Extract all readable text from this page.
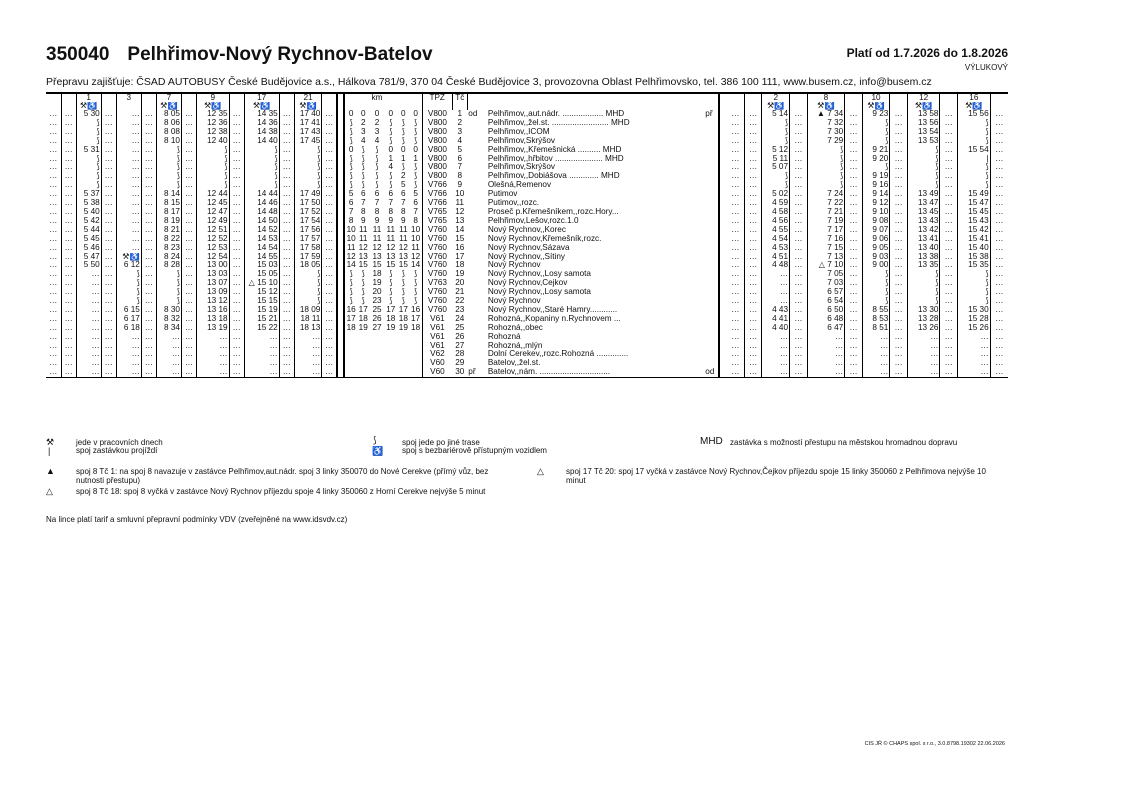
350040 Pelhřimov-Nový Rychnov-Batelov	Platí od 1.7.2026 do 1.8.2026
VÝLUKOVÝ
Přepravu zajišťuje: ČSAD AUTOBUSY České Budějovice a.s., Hálkova 781/9, 370 04 České Budějovice 3, provozovna Oblast Pelhřimovsko, tel. 386 100 111, www.busem.cz, info@busem.cz
		1		3		7		9		17		21					km				TPZ	Tč							2		8		10		12		16	
		⚒♿				⚒♿		⚒♿		⚒♿		⚒♿																	⚒♿		⚒♿		⚒♿		⚒♿		⚒♿	
…	…	5 30	…	…	…	8 05	…	12 35	…	14 35	…	17 40	…		0	0	0	0	0	0	V800	1	od	Pelhřimov,,aut.nádr. .................. MHD	př		…	…	5 14	…	▲ 7 34	…	9 23	…	13 58	…	15 56	…
…	…	⟆	…	…	…	8 06	…	12 36	…	14 36	…	17 41	…		⟆	2	2	⟆	⟆	⟆	V800	2		Pelhřimov,,žel.st. ......................... MHD			…	…	⟆	…	7 32	…	⟆	…	13 56	…	⟆	…
…	…	⟆	…	…	…	8 08	…	12 38	…	14 38	…	17 43	…		⟆	3	3	⟆	⟆	⟆	V800	3		Pelhřimov,,ICOM			…	…	⟆	…	7 30	…	⟆	…	13 54	…	⟆	…
…	…	⟆	…	…	…	8 10	…	12 40	…	14 40	…	17 45	…		⟆	4	4	⟆	⟆	⟆	V800	4		Pelhřimov,Skrýšov			…	…	⟆	…	7 29	…	⟆	…	13 53	…	⟆	…
…	…	5 31	…	…	…	⟆	…	⟆	…	⟆	…	⟆	…		0	⟆	⟆	0	0	0	V800	5		Pelhřimov,,Křemešnická .......... MHD			…	…	5 12	…	⟆	…	9 21	…	⟆	…	15 54	…
…	…	⟆	…	…	…	⟆	…	⟆	…	⟆	…	⟆	…		⟆	⟆	⟆	1	1	1	V800	6		Pelhřimov,,hřbitov ..................... MHD			…	…	5 11	…	⟆	…	9 20	…	⟆	…	|	…
…	…	⟆	…	…	…	⟆	…	⟆	…	⟆	…	⟆	…		⟆	⟆	⟆	4	⟆	⟆	V800	7		Pelhřimov,Skrýšov			…	…	5 07	…	⟆	…	⟆	…	⟆	…	⟆	…
…	…	⟆	…	…	…	⟆	…	⟆	…	⟆	…	⟆	…		⟆	⟆	⟆	⟆	2	⟆	V800	8		Pelhřimov,,Dobiášova ............. MHD			…	…	⟆	…	⟆	…	9 19	…	⟆	…	⟆	…
…	…	⟆	…	…	…	⟆	…	⟆	…	⟆	…	⟆	…		⟆	⟆	⟆	⟆	5	⟆	V766	9		Olešná,Remenov			…	…	⟆	…	⟆	…	9 16	…	⟆	…	⟆	…
…	…	5 37	…	…	…	8 14	…	12 44	…	14 44	…	17 49	…		5	6	6	6	6	5	V766	10		Putimov			…	…	5 02	…	7 24	…	9 14	…	13 49	…	15 49	…
…	…	5 38	…	…	…	8 15	…	12 45	…	14 46	…	17 50	…		6	7	7	7	7	6	V766	11		Putimov,,rozc.			…	…	4 59	…	7 22	…	9 12	…	13 47	…	15 47	…
…	…	5 40	…	…	…	8 17	…	12 47	…	14 48	…	17 52	…		7	8	8	8	8	7	V765	12		Proseč p.Křemešníkem,,rozc.Hory...			…	…	4 58	…	7 21	…	9 10	…	13 45	…	15 45	…
…	…	5 42	…	…	…	8 19	…	12 49	…	14 50	…	17 54	…		8	9	9	9	9	8	V765	13		Pelhřimov,Lešov,rozc.1.0			…	…	4 56	…	7 19	…	9 08	…	13 43	…	15 43	…
…	…	5 44	…	…	…	8 21	…	12 51	…	14 52	…	17 56	…		10	11	11	11	11	10	V760	14		Nový Rychnov,,Korec			…	…	4 55	…	7 17	…	9 07	…	13 42	…	15 42	…
…	…	5 45	…	…	…	8 22	…	12 52	…	14 53	…	17 57	…		10	11	11	11	11	10	V760	15		Nový Rychnov,Křemešník,rozc.			…	…	4 54	…	7 16	…	9 06	…	13 41	…	15 41	…
…	…	5 46	…	…	…	8 23	…	12 53	…	14 54	…	17 58	…		11	12	12	12	12	11	V760	16		Nový Rychnov,Sázava			…	…	4 53	…	7 15	…	9 05	…	13 40	…	15 40	…
…	…	5 47	…	⚒♿	…	8 24	…	12 54	…	14 55	…	17 59	…		12	13	13	13	13	12	V760	17		Nový Rychnov,,Sítiny			…	…	4 51	…	7 13	…	9 03	…	13 38	…	15 38	…
…	…	5 50	…	6 12	…	8 28	…	13 00	…	15 03	…	18 05	…		14	15	15	15	15	14	V760	18		Nový Rychnov			…	…	4 48	…	△ 7 10	…	9 00	…	13 35	…	15 35	…
…	…	…	…	⟆	…	⟆	…	13 03	…	15 05	…	⟆	…		⟆	⟆	18	⟆	⟆	⟆	V760	19		Nový Rychnov,,Losy samota			…	…	…	…	7 05	…	⟆	…	⟆	…	⟆	…
…	…	…	…	⟆	…	⟆	…	13 07	…	△ 15 10	…	⟆	…		⟆	⟆	19	⟆	⟆	⟆	V763	20		Nový Rychnov,Čejkov			…	…	…	…	7 03	…	⟆	…	⟆	…	⟆	…
…	…	…	…	⟆	…	⟆	…	13 09	…	15 12	…	⟆	…		⟆	⟆	20	⟆	⟆	⟆	V760	21		Nový Rychnov,,Losy samota			…	…	…	…	6 57	…	⟆	…	⟆	…	⟆	…
…	…	…	…	⟆	…	⟆	…	13 12	…	15 15	…	⟆	…		⟆	⟆	23	⟆	⟆	⟆	V760	22		Nový Rychnov			…	…	…	…	6 54	…	⟆	…	⟆	…	⟆	…
…	…	…	…	6 15	…	8 30	…	13 16	…	15 19	…	18 09	…		16	17	25	17	17	16	V760	23		Nový Rychnov,,Staré Hamry............			…	…	4 43	…	6 50	…	8 55	…	13 30	…	15 30	…
…	…	…	…	6 17	…	8 32	…	13 18	…	15 21	…	18 11	…		17	18	26	18	18	17	V61	24		Rohozná,,Kopaniny n.Rychnovem ...			…	…	4 41	…	6 48	…	8 53	…	13 28	…	15 28	…
…	…	…	…	6 18	…	8 34	…	13 19	…	15 22	…	18 13	…		18	19	27	19	19	18	V61	25		Rohozná,,obec			…	…	4 40	…	6 47	…	8 51	…	13 26	…	15 26	…
…	…	…	…	…	…	…	…	…	…	…	…	…	…								V61	26		Rohozná			…	…	…	…	…	…	…	…	…	…	…	…
…	…	…	…	…	…	…	…	…	…	…	…	…	…								V61	27		Rohozná,,mlýn			…	…	…	…	…	…	…	…	…	…	…	…
…	…	…	…	…	…	…	…	…	…	…	…	…	…								V62	28		Dolní Cerekev,,rozc.Rohozná ..............			…	…	…	…	…	…	…	…	…	…	…	…
…	…	…	…	…	…	…	…	…	…	…	…	…	…								V60	29		Batelov,,žel.st.			…	…	…	…	…	…	…	…	…	…	…	…
…	…	…	…	…	…	…	…	…	…	…	…	…	…								V60	30	př	Batelov,,nám. ...............................	od		…	…	…	…	…	…	…	…	…	…	…	…
⚒	jede v pracovních dnech
|	spoj zastávkou projíždí
⟆	spoj jede po jiné trase
♿ spoj s bezbariérově přístupným vozidlem
MHD zastávka s možností přestupu na městskou hromadnou dopravu
▲	spoj 8 Tč 1: na spoj 8 navazuje v zastávce Pelhřimov,aut.nádr. spoj 3 linky 350070 do Nové Cerekve (přímý vůz, bez nutnosti přestupu)
△	spoj 8 Tč 18: spoj 8 vyčká v zastávce Nový Rychnov příjezdu spoje 4 linky 350060 z Horní Cerekve nejvýše 5 minut
△	spoj 17 Tč 20: spoj 17 vyčká v zastávce Nový Rychnov,Čejkov příjezdu spoje 15 linky 350060 z Pelhřimova nejvýše 10 minut
Na lince platí tarif a smluvní přepravní podmínky VDV (zveřejněné na www.idsvdv.cz)
CIS JŘ © CHAPS spol. s r.o., 3.0.8798.19302 22.06.2026
